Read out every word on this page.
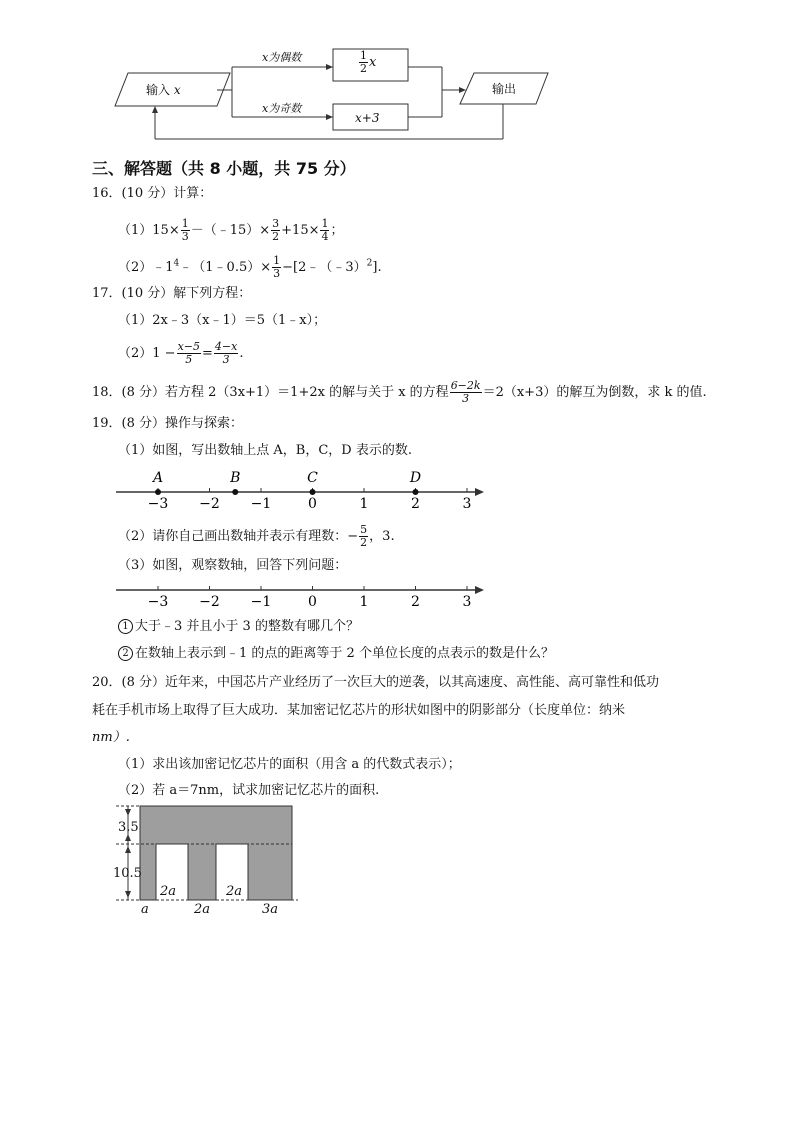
输入 x
x为偶数
x为奇数
$\frac{1}{2}$ x
x+3
输出
三、解答题（共 8 小题，共 75 分）
16．(10 分）计算：
$(1)15\times \frac{1}{3}$ －（﹣15）× $\frac{3}{2} +15\times \frac{1}{4}$ ；
$(2)﹣1^4﹣(1﹣0.5)\times \frac{1}{3}$ −[2﹣（﹣3）$^2$].
17．(10 分）解下列方程：
（1）2x﹣3（x﹣1）＝5（1﹣x）；
$(2)1 - \frac{x-5}{5} = \frac{4-x}{3}$ .
18．(8 分）若方程 2（3x+1）＝1+2x 的解与关于 x 的方程 $\frac{6-2k}{3} =2(x+3)$的解互为倒数，求 k 的值.
19．(8 分）操作与探索：
（1）如图，写出数轴上点 A，B，C，D 表示的数.
−3 −2 −1	0	1	2	3
A	B	C	D
（2）请你自己画出数轴并表示有理数：− $\frac{5}{2}$ ，3.
（3）如图，观察数轴，回答下列问题：
−3 −2 −1	0	1	2	3
1 大于﹣3 并且小于 3 的整数有哪几个？
2 在数轴上表示到﹣1 的点的距离等于 2 个单位长度的点表示的数是什么？
20．(8 分）近年来，中国芯片产业经历了一次巨大的逆袭，以其高速度、高性能、高可靠性和低功
耗在手机市场上取得了巨大成功．某加密记忆芯片的形状如图中的阴影部分（长度单位：纳米
nm）.
（1）求出该加密记忆芯片的面积（用含 a 的代数式表示）；
（2）若 a＝7nm，试求加密记忆芯片的面积.
3.5
10.5
2a	2a
a	2a	3a
